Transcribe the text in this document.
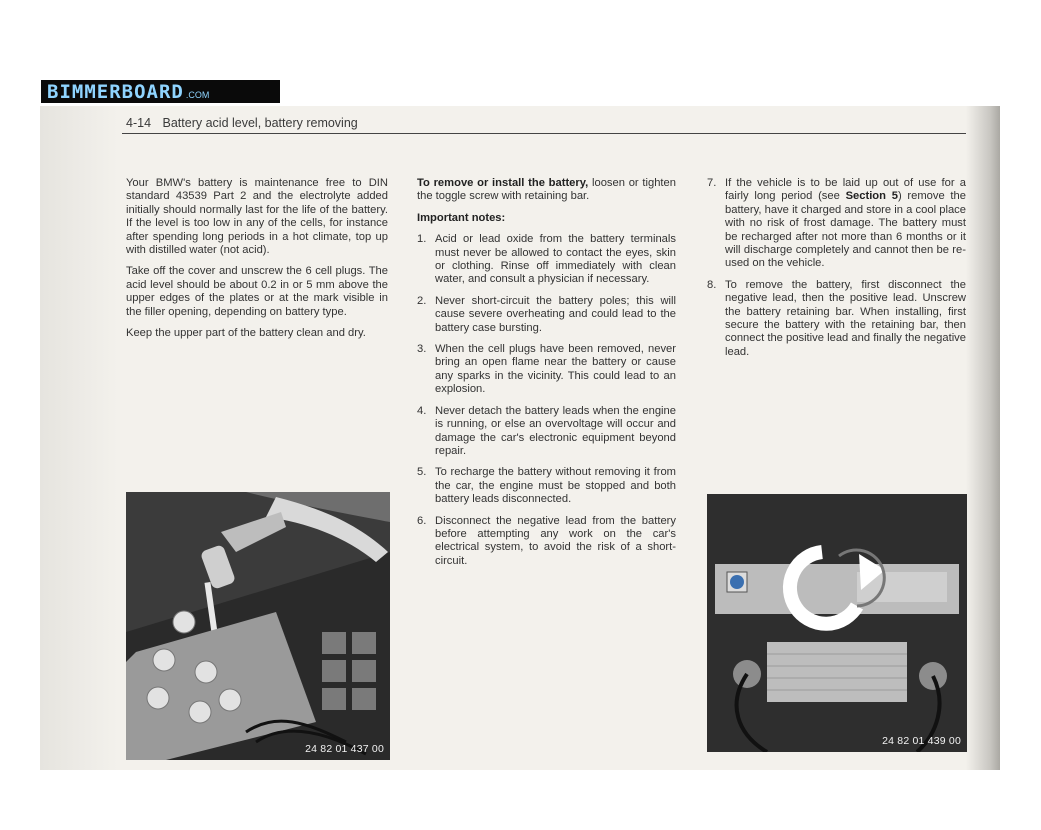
BIMMERBOARD .COM
4-14 Battery acid level, battery removing

Your BMW's battery is maintenance free to DIN standard 43539 Part 2 and the electrolyte added initially should normally last for the life of the battery. If the level is too low in any of the cells, for instance after spending long periods in a hot climate, top up with distilled water (not acid).

Take off the cover and unscrew the 6 cell plugs. The acid level should be about 0.2 in or 5 mm above the upper edges of the plates or at the mark visible in the filler opening, depending on battery type.

Keep the upper part of the battery clean and dry.

To remove or install the battery, loosen or tighten the toggle screw with retaining bar.

Important notes:

1. Acid or lead oxide from the battery terminals must never be allowed to contact the eyes, skin or clothing. Rinse off immediately with clean water, and consult a physician if necessary.
2. Never short-circuit the battery poles; this will cause severe overheating and could lead to the battery case bursting.
3. When the cell plugs have been removed, never bring an open flame near the battery or cause any sparks in the vicinity. This could lead to an explosion.
4. Never detach the battery leads when the engine is running, or else an overvoltage will occur and damage the car's electronic equipment beyond repair.
5. To recharge the battery without removing it from the car, the engine must be stopped and both battery leads disconnected.
6. Disconnect the negative lead from the battery before attempting any work on the car's electrical system, to avoid the risk of a short-circuit.
7. If the vehicle is to be laid up out of use for a fairly long period (see Section 5) remove the battery, have it charged and store in a cool place with no risk of frost damage. The battery must be recharged after not more than 6 months or it will discharge completely and cannot then be re-used on the vehicle.
8. To remove the battery, first disconnect the negative lead, then the positive lead. Unscrew the battery retaining bar. When installing, first secure the battery with the retaining bar, then connect the positive lead and finally the negative lead.
24 82 01 437 00
24 82 01 439 00
